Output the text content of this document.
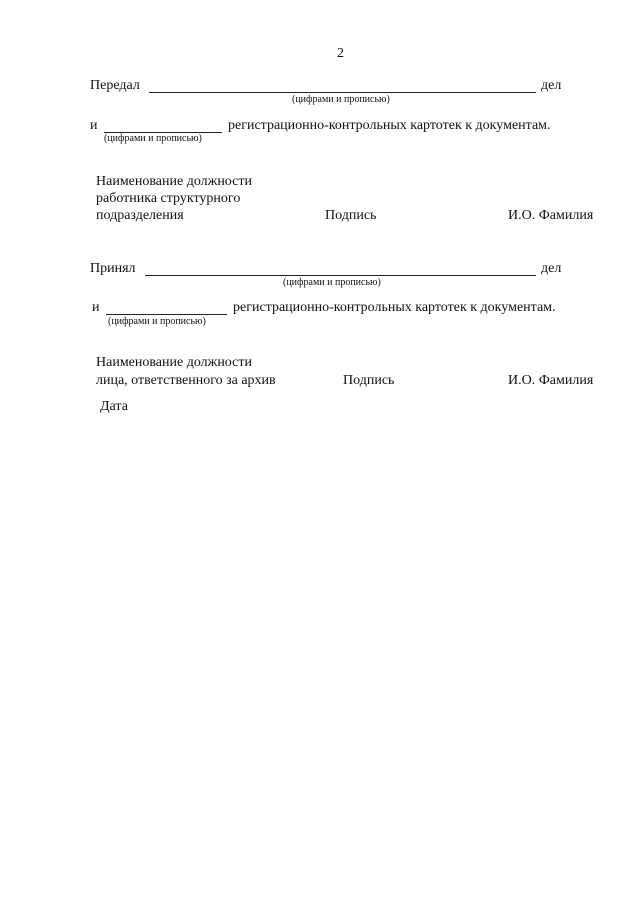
2
Передал	дел
(цифрами и прописью)
и	регистрационно-контрольных картотек к документам.
(цифрами и прописью)
Наименование должности
работника структурного
подразделения	Подпись	И.О. Фамилия
Принял	дел
(цифрами и прописью)
и	регистрационно-контрольных картотек к документам.
(цифрами и прописью)
Наименование должности
лица, ответственного за архив	Подпись	И.О. Фамилия
Дата
